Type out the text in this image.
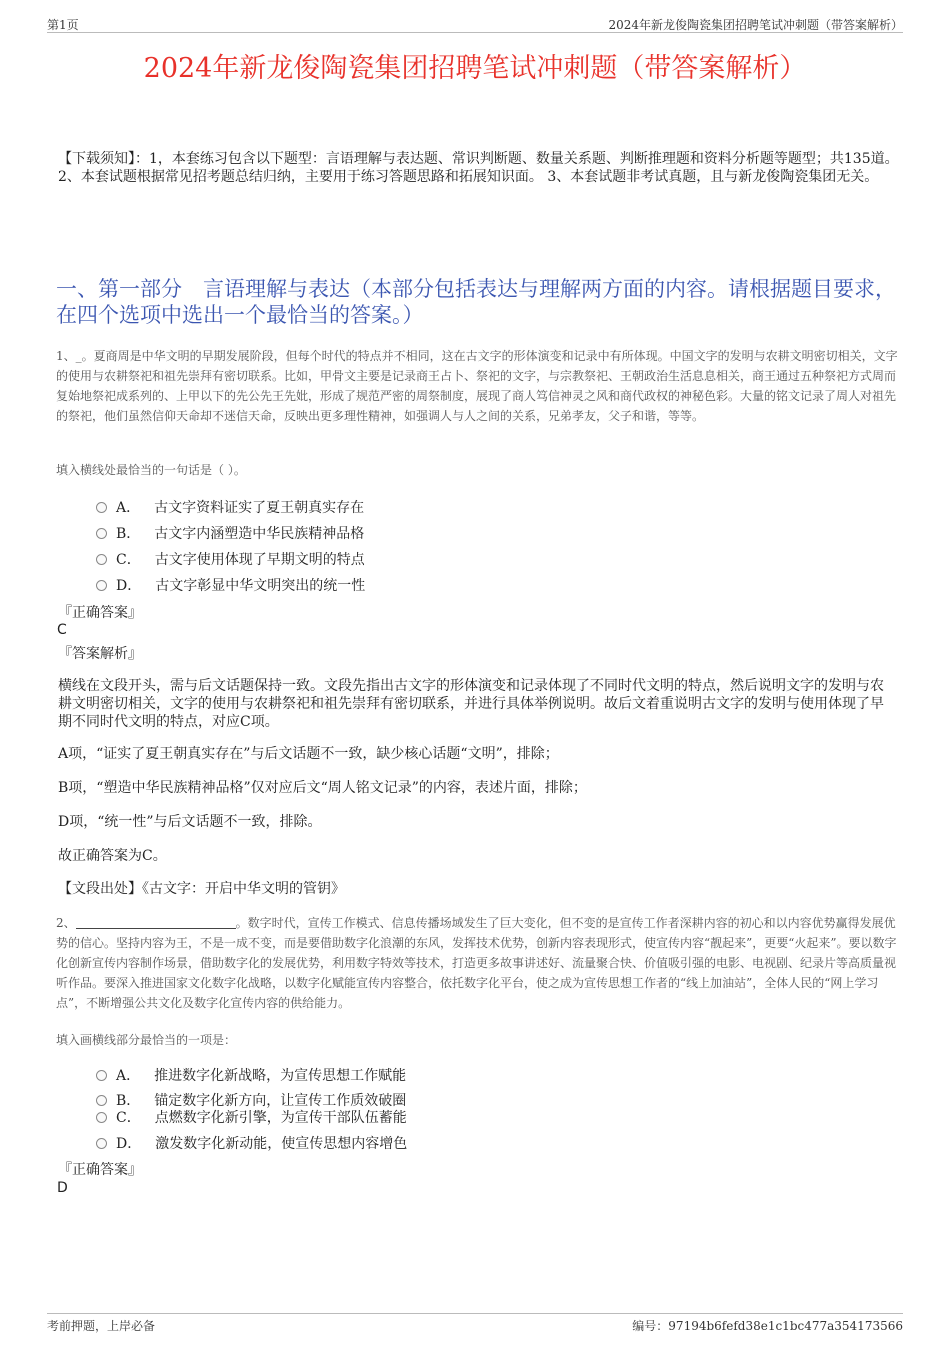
第1页	2024年新龙俊陶瓷集团招聘笔试冲刺题（带答案解析）
2024年新龙俊陶瓷集团招聘笔试冲刺题（带答案解析）
【下载须知】：1，本套练习包含以下题型：言语理解与表达题、常识判断题、数量关系题、判断推理题和资料分析题等题型；共135道。 2、本套试题根据常见招考题总结归纳，主要用于练习答题思路和拓展知识面。 3、本套试题非考试真题，且与新龙俊陶瓷集团无关。
一、第一部分　言语理解与表达（本部分包括表达与理解两方面的内容。请根据题目要求，在四个选项中选出一个最恰当的答案。）
1、_。夏商周是中华文明的早期发展阶段，但每个时代的特点并不相同，这在古文字的形体演变和记录中有所体现。中国文字的发明与农耕文明密切相关，文字的使用与农耕祭祀和祖先崇拜有密切联系。比如，甲骨文主要是记录商王占卜、祭祀的文字，与宗教祭祀、王朝政治生活息息相关，商王通过五种祭祀方式周而复始地祭祀成系列的、上甲以下的先公先王先妣，形成了规范严密的周祭制度，展现了商人笃信神灵之风和商代政权的神秘色彩。大量的铭文记录了周人对祖先的祭祀，他们虽然信仰天命却不迷信天命，反映出更多理性精神，如强调人与人之间的关系，兄弟孝友，父子和谐，等等。
填入横线处最恰当的一句话是（ ）。
A． 古文字资料证实了夏王朝真实存在
B． 古文字内涵塑造中华民族精神品格
C． 古文字使用体现了早期文明的特点
D． 古文字彰显中华文明突出的统一性
『正确答案』
C
『答案解析』
横线在文段开头，需与后文话题保持一致。文段先指出古文字的形体演变和记录体现了不同时代文明的特点，然后说明文字的发明与农耕文明密切相关，文字的使用与农耕祭祀和祖先崇拜有密切联系，并进行具体举例说明。故后文着重说明古文字的发明与使用体现了早期不同时代文明的特点，对应C项。
A项，“证实了夏王朝真实存在”与后文话题不一致，缺少核心话题“文明”，排除；
B项，“塑造中华民族精神品格”仅对应后文“周人铭文记录”的内容，表述片面，排除；
D项，“统一性”与后文话题不一致，排除。
故正确答案为C。
【文段出处】《古文字：开启中华文明的管钥》
2、	。数字时代，宣传工作模式、信息传播场域发生了巨大变化，但不变的是宣传工作者深耕内容的初心和以内容优势赢得发展优势的信心。坚持内容为王，不是一成不变，而是要借助数字化浪潮的东风，发挥技术优势，创新内容表现形式，使宣传内容“靓起来”，更要“火起来”。要以数字化创新宣传内容制作场景，借助数字化的发展优势，利用数字特效等技术，打造更多故事讲述好、流量聚合快、价值吸引强的电影、电视剧、纪录片等高质量视听作品。要深入推进国家文化数字化战略，以数字化赋能宣传内容整合，依托数字化平台，使之成为宣传思想工作者的“线上加油站”，全体人民的“网上学习点”，不断增强公共文化及数字化宣传内容的供给能力。
填入画横线部分最恰当的一项是：
A． 推进数字化新战略，为宣传思想工作赋能
B． 锚定数字化新方向，让宣传工作质效破圈
C． 点燃数字化新引擎，为宣传干部队伍蓄能
D． 激发数字化新动能，使宣传思想内容增色
『正确答案』
D
考前押题，上岸必备	编号：97194b6fefd38e1c1bc477a354173566
